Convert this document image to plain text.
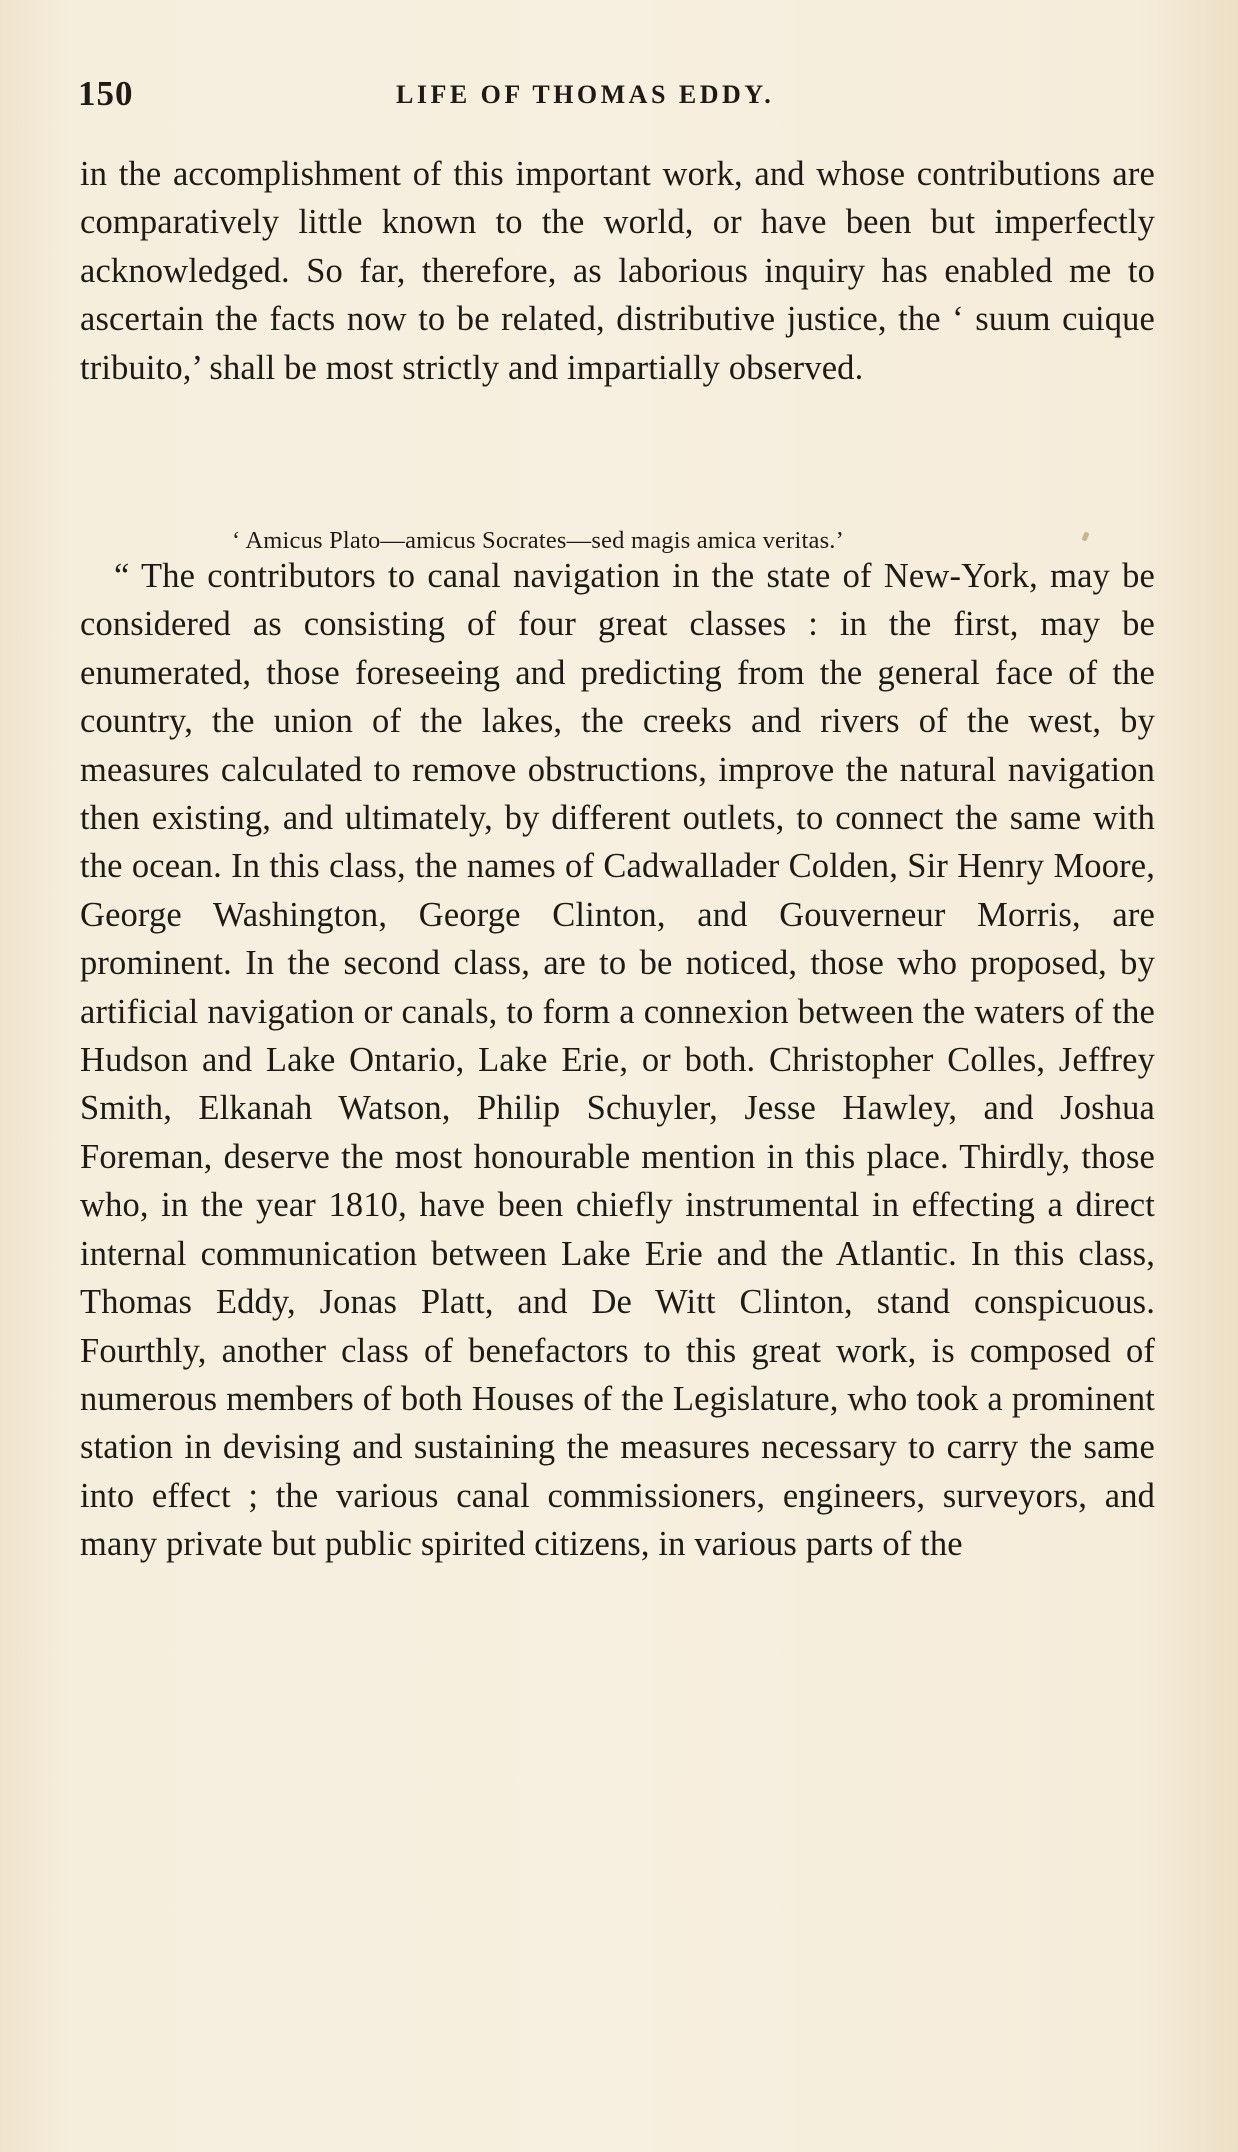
150	LIFE OF THOMAS EDDY.

in the accomplishment of this important work, and whose contributions are comparatively little known to the world, or have been but imperfectly acknowledged. So far, therefore, as laborious inquiry has enabled me to ascertain the facts now to be related, distributive justice, the ‘ suum cuique tribuito,’ shall be most strictly and impartially observed.

‘ Amicus Plato—amicus Socrates—sed magis amica veritas.’

“ The contributors to canal navigation in the state of New-York, may be considered as consisting of four great classes : in the first, may be enumerated, those foreseeing and predicting from the general face of the country, the union of the lakes, the creeks and rivers of the west, by measures calculated to remove obstructions, improve the natural navigation then existing, and ultimately, by different outlets, to connect the same with the ocean. In this class, the names of Cadwallader Colden, Sir Henry Moore, George Washington, George Clinton, and Gouverneur Morris, are prominent. In the second class, are to be noticed, those who proposed, by artificial navigation or canals, to form a connexion between the waters of the Hudson and Lake Ontario, Lake Erie, or both. Christopher Colles, Jeffrey Smith, Elkanah Watson, Philip Schuyler, Jesse Hawley, and Joshua Foreman, deserve the most honourable mention in this place. Thirdly, those who, in the year 1810, have been chiefly instrumental in effecting a direct internal communication between Lake Erie and the Atlantic. In this class, Thomas Eddy, Jonas Platt, and De Witt Clinton, stand conspicuous. Fourthly, another class of benefactors to this great work, is composed of numerous members of both Houses of the Legislature, who took a prominent station in devising and sustaining the measures necessary to carry the same into effect ; the various canal commissioners, engineers, surveyors, and many private but public spirited citizens, in various parts of the
